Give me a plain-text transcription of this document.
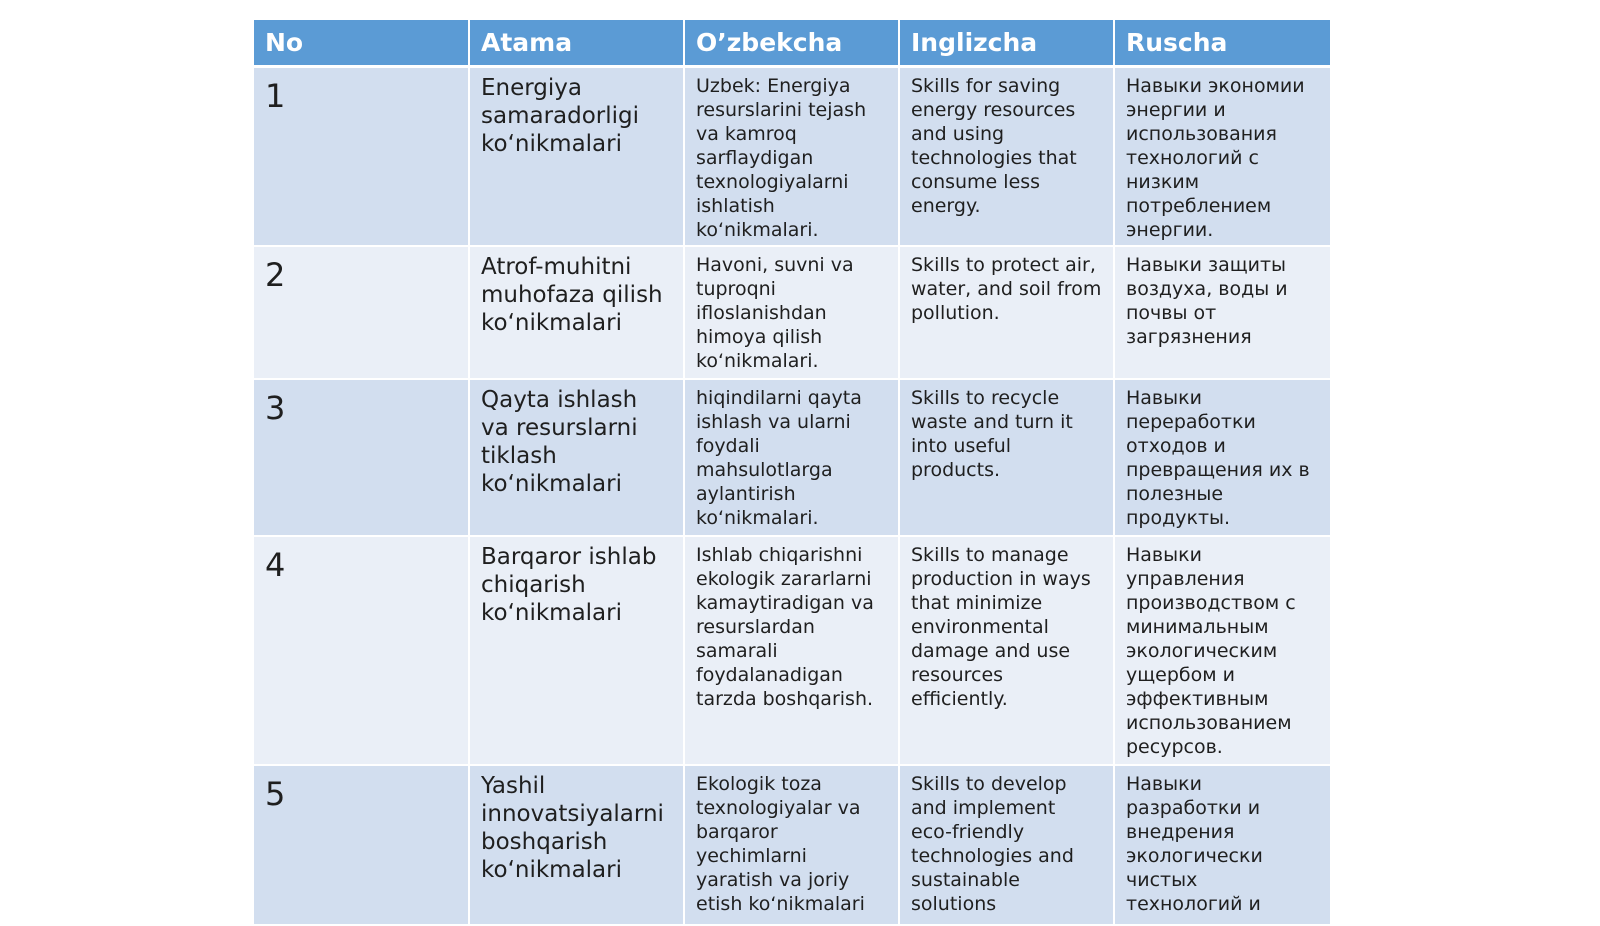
No	Atama	O’zbekcha	Inglizcha	Ruscha
1	Energiya samaradorligi ko‘nikmalari	Uzbek: Energiya resurslarini tejash va kamroq sarflaydigan texnologiyalarni ishlatish ko‘nikmalari.	Skills for saving energy resources and using technologies that consume less energy.	Навыки экономии энергии и использования технологий с низким потреблением энергии.
2	Atrof-muhitni muhofaza qilish ko‘nikmalari	Havoni, suvni va tuproqni ifloslanishdan himoya qilish ko‘nikmalari.	Skills to protect air, water, and soil from pollution.	Навыки защиты воздуха, воды и почвы от загрязнения
3	Qayta ishlash va resurslarni tiklash ko‘nikmalari	hiqindilarni qayta ishlash va ularni foydali mahsulotlarga aylantirish ko‘nikmalari.	Skills to recycle waste and turn it into useful products.	Навыки переработки отходов и превращения их в полезные продукты.
4	Barqaror ishlab chiqarish ko‘nikmalari	Ishlab chiqarishni ekologik zararlarni kamaytiradigan va resurslardan samarali foydalanadigan tarzda boshqarish.	Skills to manage production in ways that minimize environmental damage and use resources efficiently.	Навыки управления производством с минимальным экологическим ущербом и эффективным использованием ресурсов.
5	Yashil innovatsiyalarni boshqarish ko‘nikmalari	Ekologik toza texnologiyalar va barqaror yechimlarni yaratish va joriy etish ko‘nikmalari	Skills to develop and implement eco-friendly technologies and sustainable solutions	Навыки разработки и внедрения экологически чистых технологий и
